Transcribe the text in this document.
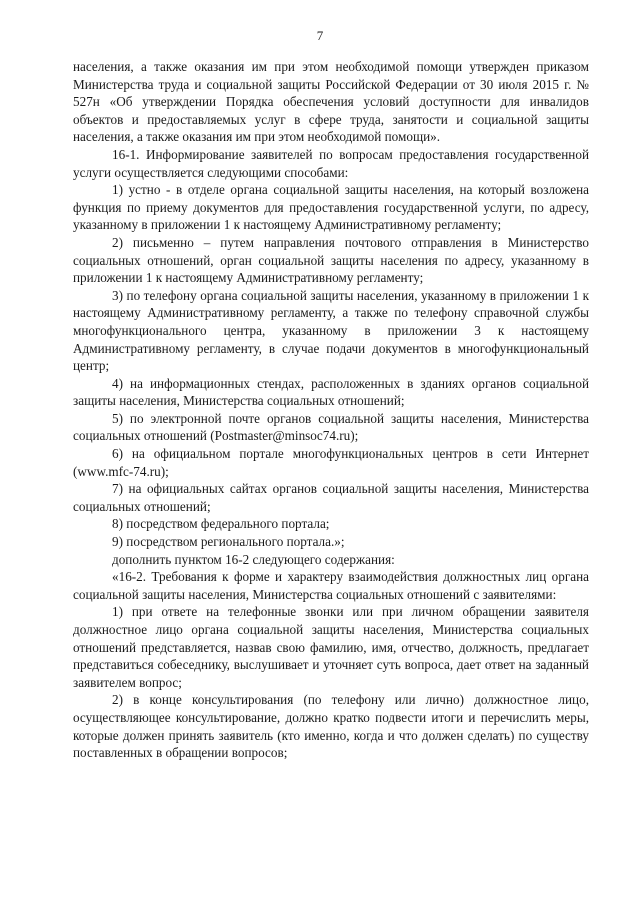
7

населения, а также оказания им при этом необходимой помощи утвержден приказом Министерства труда и социальной защиты Российской Федерации от 30 июля 2015 г. № 527н «Об утверждении Порядка обеспечения условий доступности для инвалидов объектов и предоставляемых услуг в сфере труда, занятости и социальной защиты населения, а также оказания им при этом необходимой помощи».

16-1. Информирование заявителей по вопросам предоставления государственной услуги осуществляется следующими способами:

1) устно - в отделе органа социальной защиты населения, на который возложена функция по приему документов для предоставления государственной услуги, по адресу, указанному в приложении 1 к настоящему Административному регламенту;

2) письменно – путем направления почтового отправления в Министерство социальных отношений, орган социальной защиты населения по адресу, указанному в приложении 1 к настоящему Административному регламенту;

3) по телефону органа социальной защиты населения, указанному в приложении 1 к настоящему Административному регламенту, а также по телефону справочной службы многофункционального центра, указанному в приложении 3 к настоящему Административному регламенту, в случае подачи документов в многофункциональный центр;

4) на информационных стендах, расположенных в зданиях органов социальной защиты населения, Министерства социальных отношений;

5) по электронной почте органов социальной защиты населения, Министерства социальных отношений (Postmaster@minsoc74.ru);

6) на официальном портале многофункциональных центров в сети Интернет (www.mfc-74.ru);

7) на официальных сайтах органов социальной защиты населения, Министерства социальных отношений;

8) посредством федерального портала;

9) посредством регионального портала.»;

дополнить пунктом 16-2 следующего содержания:

«16-2. Требования к форме и характеру взаимодействия должностных лиц органа социальной защиты населения, Министерства социальных отношений с заявителями:

1) при ответе на телефонные звонки или при личном обращении заявителя должностное лицо органа социальной защиты населения, Министерства социальных отношений представляется, назвав свою фамилию, имя, отчество, должность, предлагает представиться собеседнику, выслушивает и уточняет суть вопроса, дает ответ на заданный заявителем вопрос;

2) в конце консультирования (по телефону или лично) должностное лицо, осуществляющее консультирование, должно кратко подвести итоги и перечислить меры, которые должен принять заявитель (кто именно, когда и что должен сделать) по существу поставленных в обращении вопросов;
